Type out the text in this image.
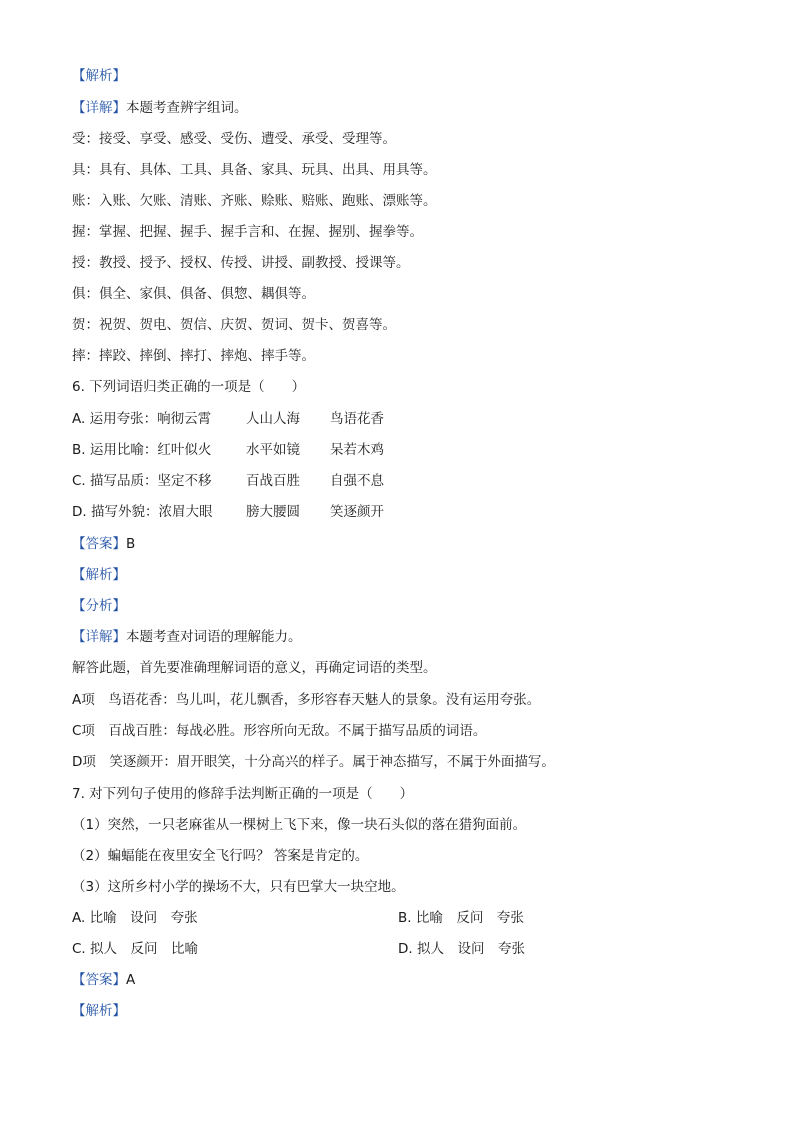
【解析】
【详解】本题考查辨字组词。
受：接受、享受、感受、受伤、遭受、承受、受理等。
具：具有、具体、工具、具备、家具、玩具、出具、用具等。
账：入账、欠账、清账、齐账、赊账、赔账、跑账、漂账等。
握：掌握、把握、握手、握手言和、在握、握别、握拳等。
授：教授、授予、授权、传授、讲授、副教授、授课等。
俱：俱全、家俱、俱备、俱惣、耦俱等。
贺：祝贺、贺电、贺信、庆贺、贺词、贺卡、贺喜等。
摔：摔跤、摔倒、摔打、摔炮、摔手等。
6. 下列词语归类正确的一项是（　　）
A. 运用夸张：响彻云霄	人山人海 鸟语花香
B. 运用比喻：红叶似火	水平如镜 呆若木鸡
C. 描写品质：坚定不移	百战百胜 自强不息
D. 描写外貌：浓眉大眼 膀大腰圆 笑逐颜开
【答案】B
【解析】
【分析】
【详解】本题考查对词语的理解能力。
解答此题，首先要准确理解词语的意义，再确定词语的类型。
A项　鸟语花香：鸟儿叫，花儿飘香，多形容春天魅人的景象。没有运用夸张。
C项　百战百胜：每战必胜。形容所向无敌。不属于描写品质的词语。
D项　笑逐颜开：眉开眼笑，十分高兴的样子。属于神态描写，不属于外面描写。
7. 对下列句子使用的修辞手法判断正确的一项是（　　）
（1）突然，一只老麻雀从一棵树上飞下来，像一块石头似的落在猎狗面前。
（2）蝙蝠能在夜里安全飞行吗？ 答案是肯定的。
（3）这所乡村小学的操场不大，只有巴掌大一块空地。
A. 比喻　设问　夸张	B. 比喻　反问　夸张
C. 拟人　反问　比喻	D. 拟人　设问　夸张
【答案】A
【解析】
